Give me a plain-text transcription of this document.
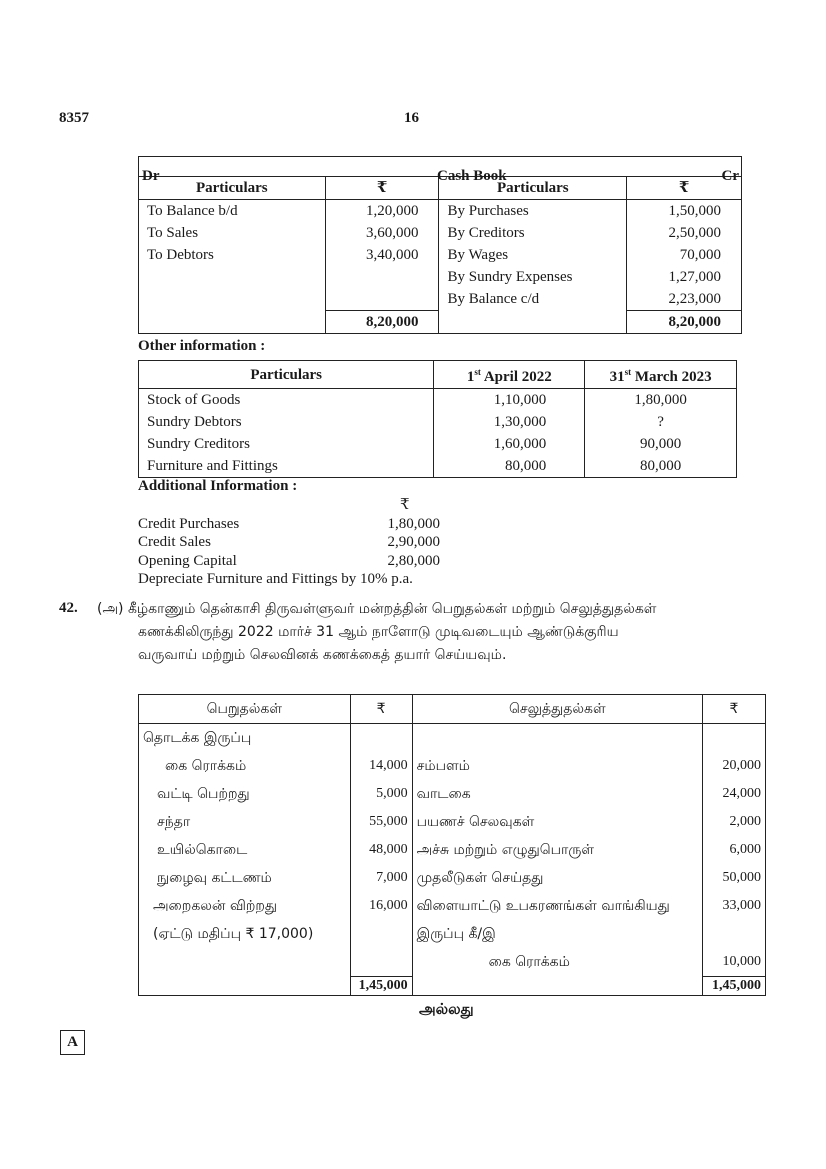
8357	16
Dr Cash Book Cr			

Particulars	₹	Particulars	₹
To Balance b/d	1,20,000	By Purchases	1,50,000
To Sales	3,60,000	By Creditors	2,50,000
To Debtors	3,40,000	By Wages	70,000
		By Sundry Expenses	1,27,000
		By Balance c/d	2,23,000
	8,20,000		8,20,000
Other information :
Particulars	1st April 2022	31st March 2023
Stock of Goods	1,10,000	1,80,000
Sundry Debtors	1,30,000	?
Sundry Creditors	1,60,000	90,000
Furniture and Fittings	80,000	80,000
Additional Information :
₹
Credit Purchases	1,80,000
Credit Sales	2,90,000
Opening Capital	2,80,000
Depreciate Furniture and Fittings by 10% p.a.
42. (அ) கீழ்காணும் தென்காசி திருவள்ளுவர் மன்றத்தின் பெறுதல்கள் மற்றும் செலுத்துதல்கள்
கணக்கிலிருந்து 2022 மார்ச் 31 ஆம் நாளோடு முடிவடையும் ஆண்டுக்குரிய
வருவாய் மற்றும் செலவினக் கணக்கைத் தயார் செய்யவும்.
பெறுதல்கள்	₹	செலுத்துதல்கள்	₹
தொடக்க இருப்பு			
கை ரொக்கம்	14,000	சம்பளம்	20,000
வட்டி பெற்றது	5,000	வாடகை	24,000
சந்தா	55,000	பயணச் செலவுகள்	2,000
உயில்கொடை	48,000	அச்சு மற்றும் எழுதுபொருள்	6,000
நுழைவு கட்டணம்	7,000	முதலீடுகள் செய்தது	50,000
அறைகலன் விற்றது	16,000	விளையாட்டு உபகரணங்கள் வாங்கியது	33,000
(ஏட்டு மதிப்பு ₹ 17,000)		இருப்பு கீ/இ	
		கை ரொக்கம்	10,000
	1,45,000		1,45,000
அல்லது
A
